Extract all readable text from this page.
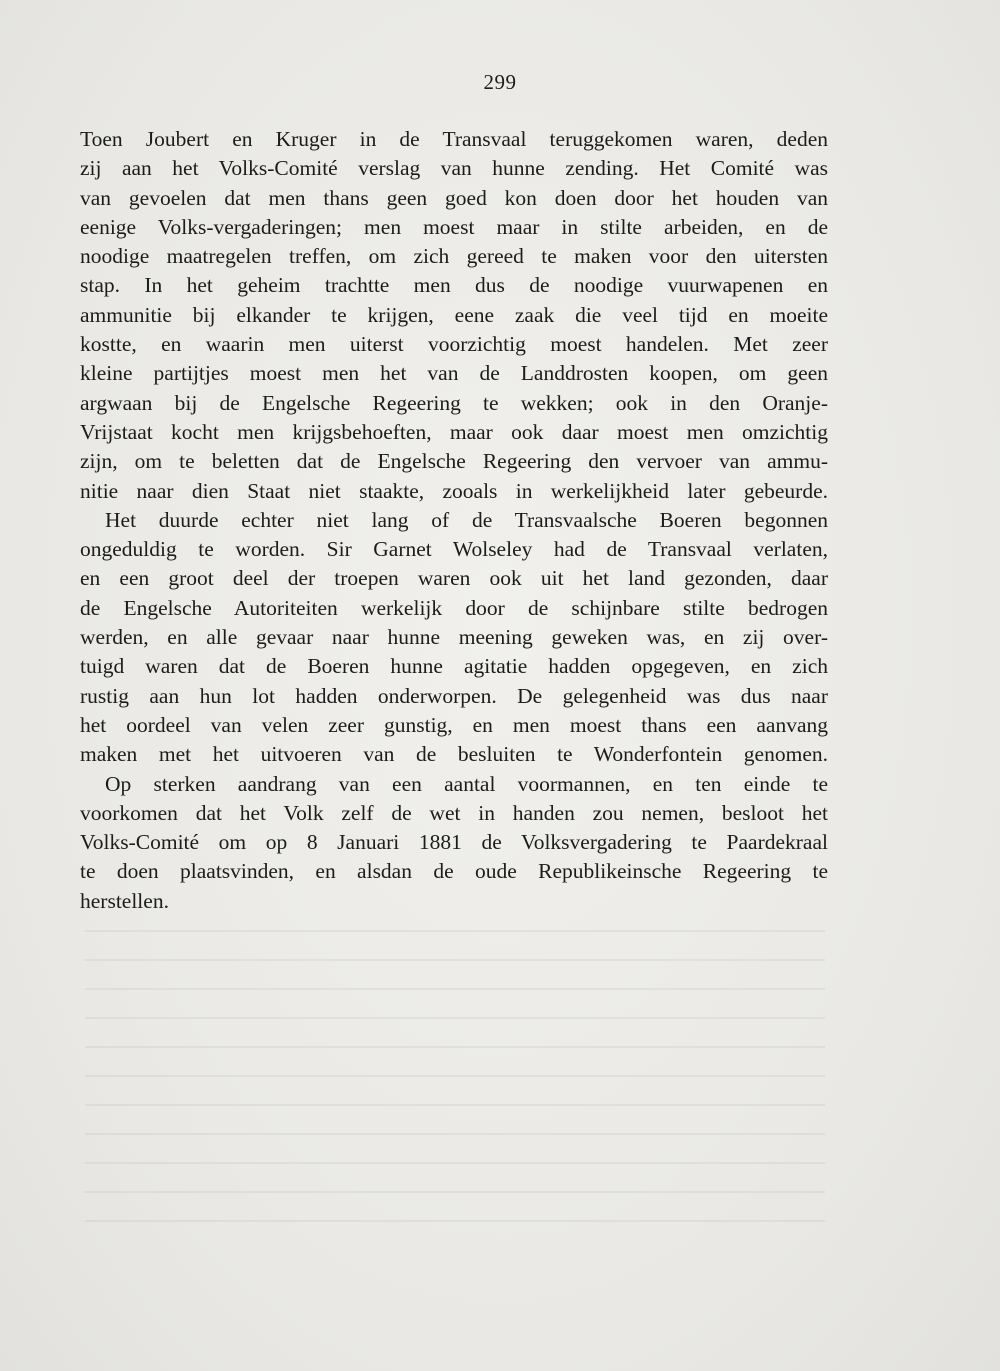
299
Toen Joubert en Kruger in de Transvaal teruggekomen waren, deden
zij aan het Volks-Comité verslag van hunne zending. Het Comité was
van gevoelen dat men thans geen goed kon doen door het houden van
eenige Volks-vergaderingen; men moest maar in stilte arbeiden, en de
noodige maatregelen treffen, om zich gereed te maken voor den uitersten
stap. In het geheim trachtte men dus de noodige vuurwapenen en
ammunitie bij elkander te krijgen, eene zaak die veel tijd en moeite
kostte, en waarin men uiterst voorzichtig moest handelen. Met zeer
kleine partijtjes moest men het van de Landdrosten koopen, om geen
argwaan bij de Engelsche Regeering te wekken; ook in den Oranje-
Vrijstaat kocht men krijgsbehoeften, maar ook daar moest men omzichtig
zijn, om te beletten dat de Engelsche Regeering den vervoer van ammu-
nitie naar dien Staat niet staakte, zooals in werkelijkheid later gebeurde.
Het duurde echter niet lang of de Transvaalsche Boeren begonnen
ongeduldig te worden. Sir Garnet Wolseley had de Transvaal verlaten,
en een groot deel der troepen waren ook uit het land gezonden, daar
de Engelsche Autoriteiten werkelijk door de schijnbare stilte bedrogen
werden, en alle gevaar naar hunne meening geweken was, en zij over-
tuigd waren dat de Boeren hunne agitatie hadden opgegeven, en zich
rustig aan hun lot hadden onderworpen. De gelegenheid was dus naar
het oordeel van velen zeer gunstig, en men moest thans een aanvang
maken met het uitvoeren van de besluiten te Wonderfontein genomen.
Op sterken aandrang van een aantal voormannen, en ten einde te
voorkomen dat het Volk zelf de wet in handen zou nemen, besloot het
Volks-Comité om op 8 Januari 1881 de Volksvergadering te Paardekraal
te doen plaatsvinden, en alsdan de oude Republikeinsche Regeering te
herstellen.
